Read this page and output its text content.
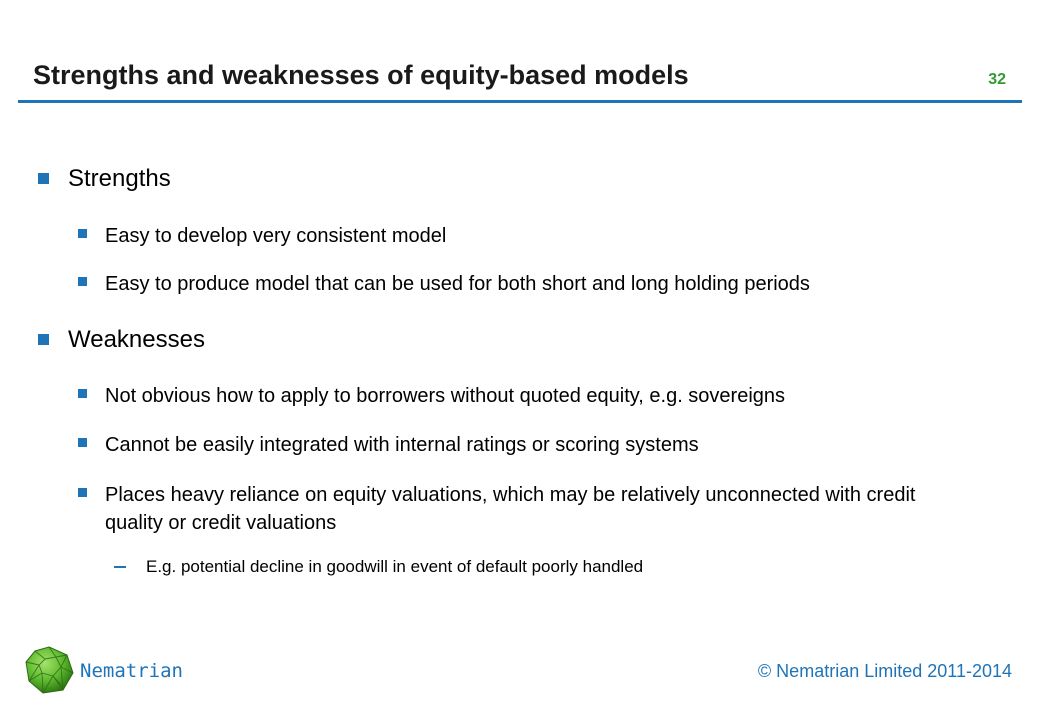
Strengths and weaknesses of equity-based models	32
Strengths
Easy to develop very consistent model
Easy to produce model that can be used for both short and long holding periods
Weaknesses
Not obvious how to apply to borrowers without quoted equity, e.g. sovereigns
Cannot be easily integrated with internal ratings or scoring systems
Places heavy reliance on equity valuations, which may be relatively unconnected with credit quality or credit valuations
E.g. potential decline in goodwill in event of default poorly handled
Nematrian	© Nematrian Limited 2011-2014
